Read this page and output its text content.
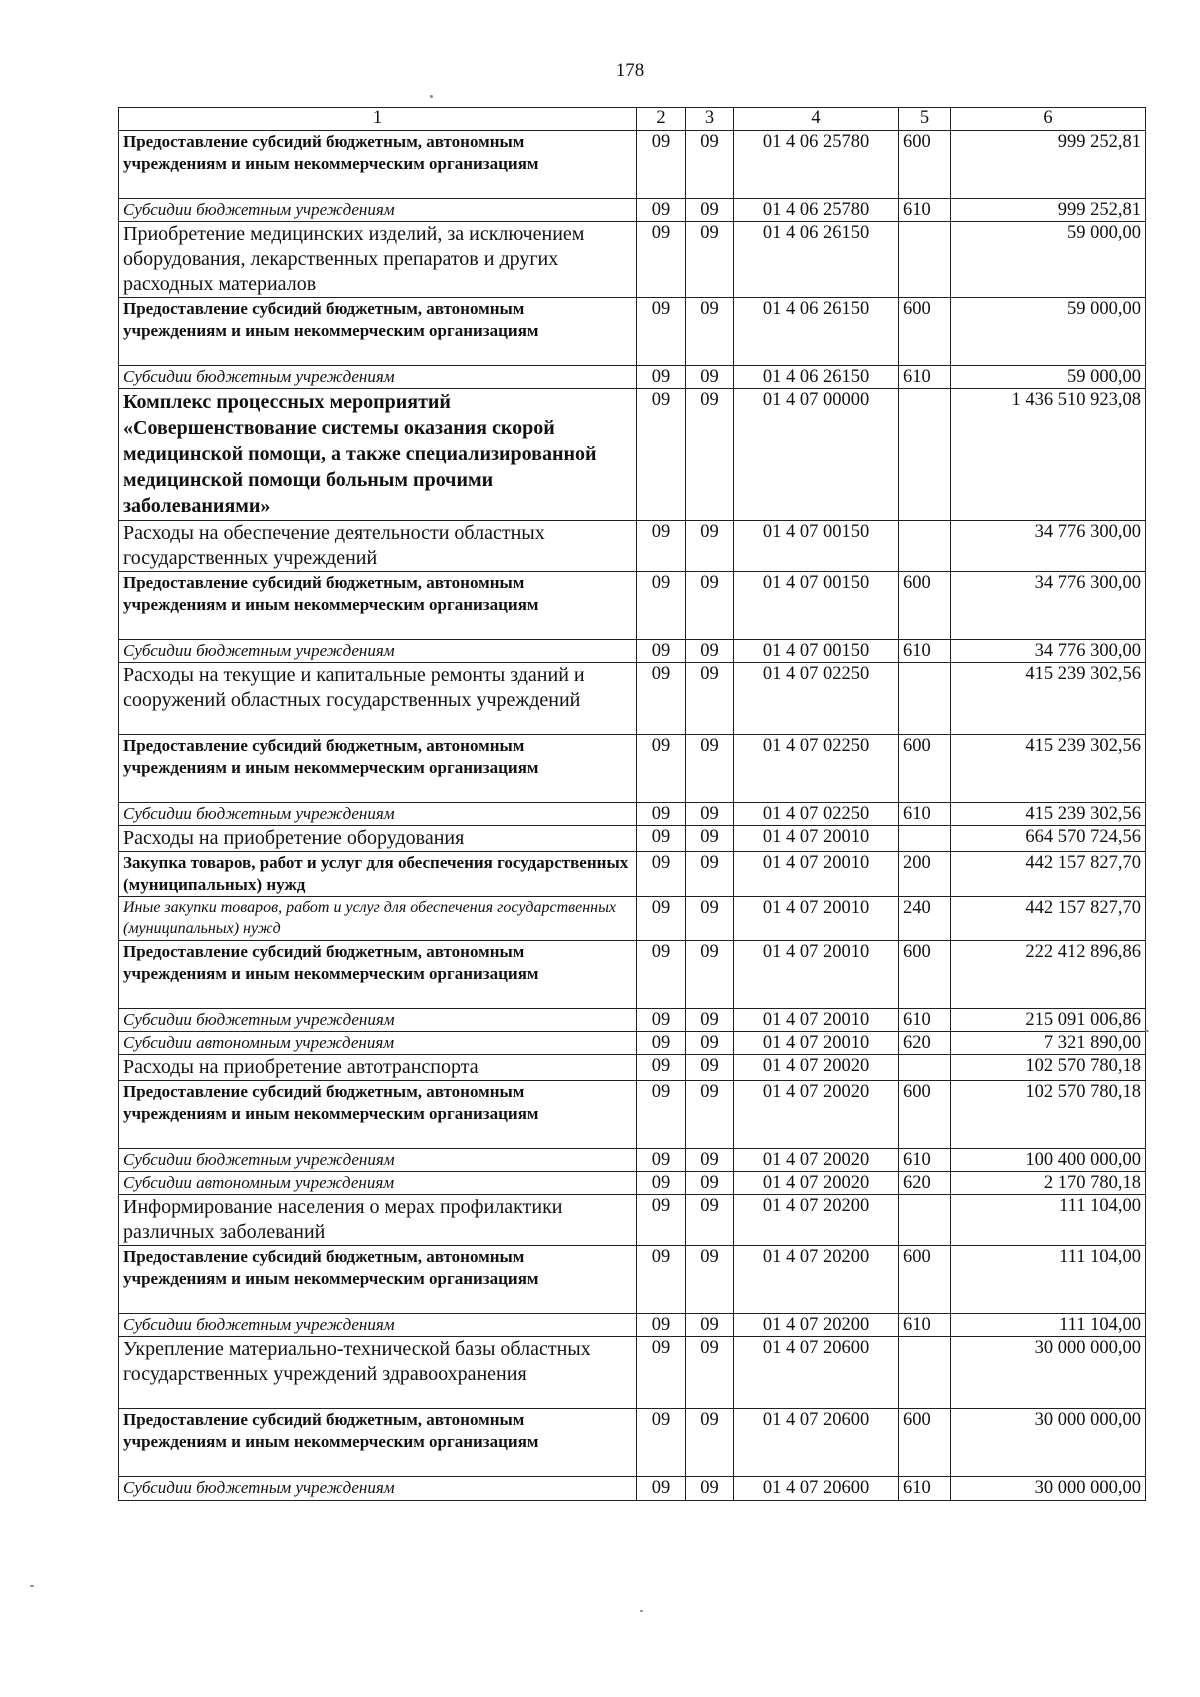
178
1	2	3	4	5	6
Предоставление субсидий бюджетным, автономным учреждениям и иным некоммерческим организациям	09	09	01 4 06 25780	600	999 252,81
Субсидии бюджетным учреждениям	09	09	01 4 06 25780	610	999 252,81
Приобретение медицинских изделий, за исключением оборудования, лекарственных препаратов и других расходных материалов	09	09	01 4 06 26150		59 000,00
Предоставление субсидий бюджетным, автономным учреждениям и иным некоммерческим организациям	09	09	01 4 06 26150	600	59 000,00
Субсидии бюджетным учреждениям	09	09	01 4 06 26150	610	59 000,00
Комплекс процессных мероприятий «Совершенствование системы оказания скорой медицинской помощи, а также специализированной медицинской помощи больным прочими заболеваниями»	09	09	01 4 07 00000		1 436 510 923,08
Расходы на обеспечение деятельности областных государственных учреждений	09	09	01 4 07 00150		34 776 300,00
Предоставление субсидий бюджетным, автономным учреждениям и иным некоммерческим организациям	09	09	01 4 07 00150	600	34 776 300,00
Субсидии бюджетным учреждениям	09	09	01 4 07 00150	610	34 776 300,00
Расходы на текущие и капитальные ремонты зданий и сооружений областных государственных учреждений	09	09	01 4 07 02250		415 239 302,56
Предоставление субсидий бюджетным, автономным учреждениям и иным некоммерческим организациям	09	09	01 4 07 02250	600	415 239 302,56
Субсидии бюджетным учреждениям	09	09	01 4 07 02250	610	415 239 302,56
Расходы на приобретение оборудования	09	09	01 4 07 20010		664 570 724,56
Закупка товаров, работ и услуг для обеспечения государственных (муниципальных) нужд	09	09	01 4 07 20010	200	442 157 827,70
Иные закупки товаров, работ и услуг для обеспечения государственных (муниципальных) нужд	09	09	01 4 07 20010	240	442 157 827,70
Предоставление субсидий бюджетным, автономным учреждениям и иным некоммерческим организациям	09	09	01 4 07 20010	600	222 412 896,86
Субсидии бюджетным учреждениям	09	09	01 4 07 20010	610	215 091 006,86
Субсидии автономным учреждениям	09	09	01 4 07 20010	620	7 321 890,00
Расходы на приобретение автотранспорта	09	09	01 4 07 20020		102 570 780,18
Предоставление субсидий бюджетным, автономным учреждениям и иным некоммерческим организациям	09	09	01 4 07 20020	600	102 570 780,18
Субсидии бюджетным учреждениям	09	09	01 4 07 20020	610	100 400 000,00
Субсидии автономным учреждениям	09	09	01 4 07 20020	620	2 170 780,18
Информирование населения о мерах профилактики различных заболеваний	09	09	01 4 07 20200		111 104,00
Предоставление субсидий бюджетным, автономным учреждениям и иным некоммерческим организациям	09	09	01 4 07 20200	600	111 104,00
Субсидии бюджетным учреждениям	09	09	01 4 07 20200	610	111 104,00
Укрепление материально-технической базы областных государственных учреждений здравоохранения	09	09	01 4 07 20600		30 000 000,00
Предоставление субсидий бюджетным, автономным учреждениям и иным некоммерческим организациям	09	09	01 4 07 20600	600	30 000 000,00
Субсидии бюджетным учреждениям	09	09	01 4 07 20600	610	30 000 000,00
